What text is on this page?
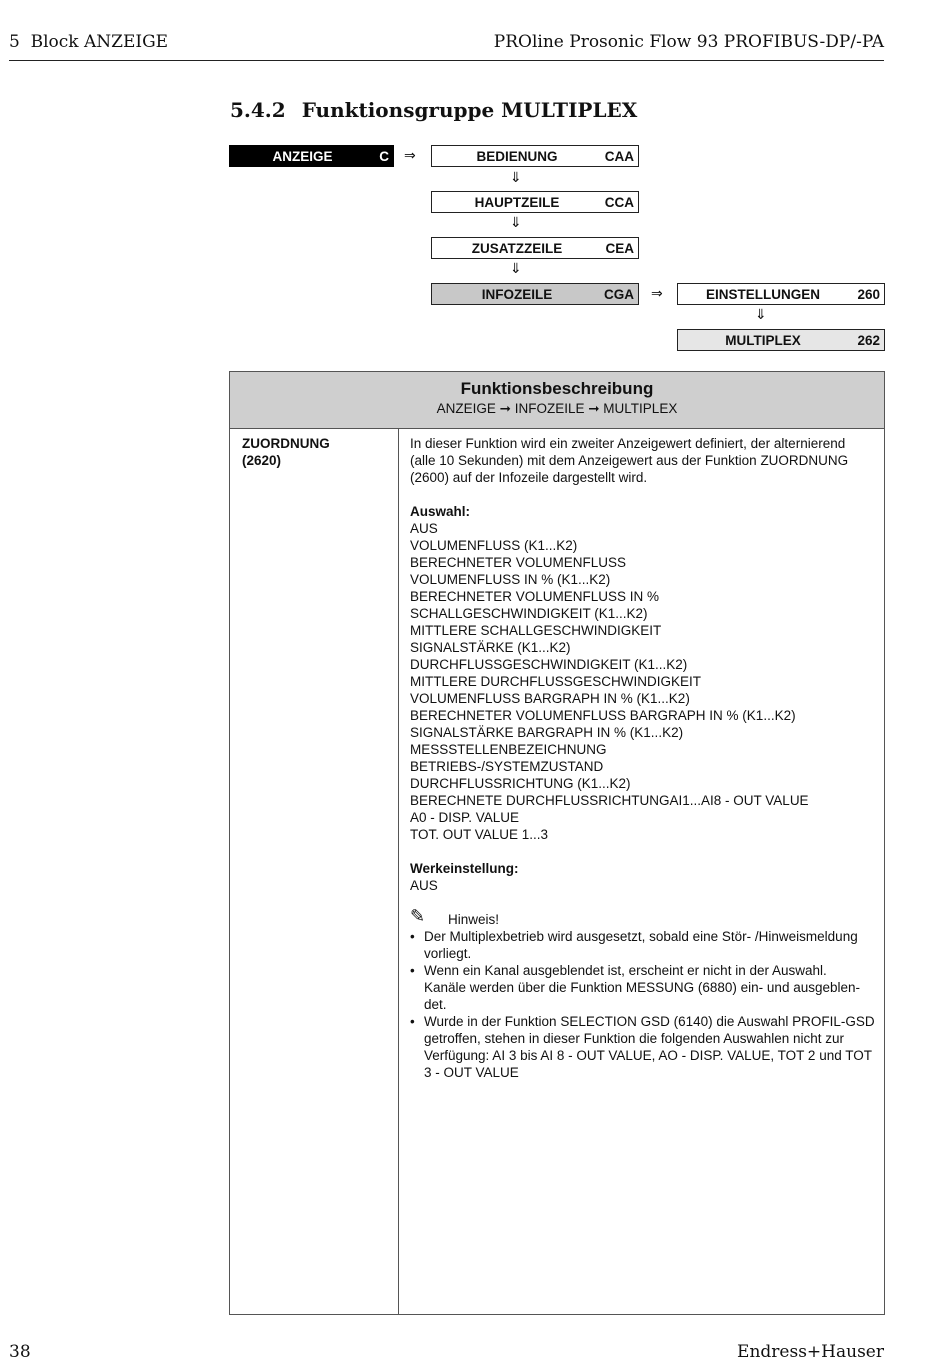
5  Block ANZEIGE	PROline Prosonic Flow 93 PROFIBUS-DP/-PA
5.4.2 Funktionsgruppe MULTIPLEX
ANZEIGE	C ⇒	BEDIENUNG	CAA
⇓
HAUPTZEILE	CCA
⇓
ZUSATZZEILE	CEA
⇓
INFOZEILE	CGA ⇒	EINSTELLUNGEN	260
⇓
MULTIPLEX	262
Funktionsbeschreibung
ANZEIGE ➞ INFOZEILE ➞ MULTIPLEX
ZUORDNUNG
(2620)

In dieser Funktion wird ein zweiter Anzeigewert definiert, der alternierend

(alle 10 Sekunden) mit dem Anzeigewert aus der Funktion ZUORDNUNG

(2600) auf der Infozeile dargestellt wird.

Auswahl:

AUS

VOLUMENFLUSS (K1...K2)

BERECHNETER VOLUMENFLUSS

VOLUMENFLUSS IN % (K1...K2)

BERECHNETER VOLUMENFLUSS IN %

SCHALLGESCHWINDIGKEIT (K1...K2)

MITTLERE SCHALLGESCHWINDIGKEIT

SIGNALSTÄRKE (K1...K2)

DURCHFLUSSGESCHWINDIGKEIT (K1...K2)

MITTLERE DURCHFLUSSGESCHWINDIGKEIT

VOLUMENFLUSS BARGRAPH IN % (K1...K2)

BERECHNETER VOLUMENFLUSS BARGRAPH IN % (K1...K2)

SIGNALSTÄRKE BARGRAPH IN % (K1...K2)

MESSSTELLENBEZEICHNUNG

BETRIEBS-/SYSTEMZUSTAND

DURCHFLUSSRICHTUNG (K1...K2)

BERECHNETE DURCHFLUSSRICHTUNGAI1...AI8 - OUT VALUE

A0 - DISP. VALUE

TOT. OUT VALUE 1...3

Werkeinstellung:

AUS

✎ Hinweis!

• Der Multiplexbetrieb wird ausgesetzt, sobald eine Stör- /Hinweismeldung

vorliegt.

• Wenn ein Kanal ausgeblendet ist, erscheint er nicht in der Auswahl.

Kanäle werden über die Funktion MESSUNG (6880) ein- und ausgeblen-

det.

• Wurde in der Funktion SELECTION GSD (6140) die Auswahl PROFIL-GSD

getroffen, stehen in dieser Funktion die folgenden Auswahlen nicht zur

Verfügung: AI 3 bis AI 8 - OUT VALUE, AO - DISP. VALUE, TOT 2 und TOT

3 - OUT VALUE

38	Endress+Hauser
